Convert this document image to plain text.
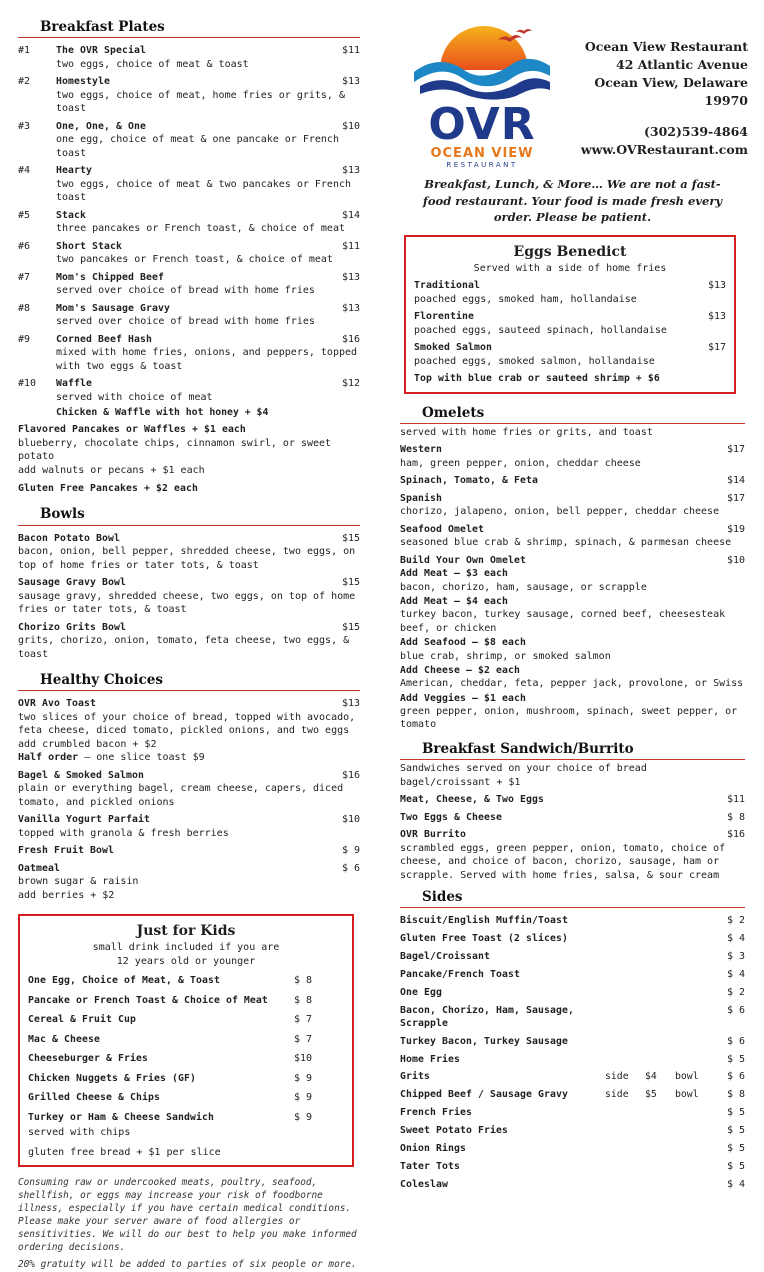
Breakfast Plates
#1	The OVR Special	$11
two eggs, choice of meat & toast
#2	Homestyle	$13
two eggs, choice of meat, home fries or grits, & toast
#3	One, One, & One	$10
one egg, choice of meat & one pancake or French toast
#4	Hearty	$13
two eggs, choice of meat & two pancakes or French toast
#5	Stack	$14
three pancakes or French toast, & choice of meat
#6	Short Stack	$11
two pancakes or French toast, & choice of meat
#7	Mom's Chipped Beef	$13
served over choice of bread with home fries
#8	Mom's Sausage Gravy	$13
served over choice of bread with home fries
#9	Corned Beef Hash	$16
mixed with home fries, onions, and peppers, topped with two eggs & toast
#10	Waffle	$12
served with choice of meat
Chicken & Waffle with hot honey + $4
Flavored Pancakes or Waffles + $1 each
blueberry, chocolate chips, cinnamon swirl, or sweet potato
add walnuts or pecans + $1 each
Gluten Free Pancakes + $2 each
Bowls
Bacon Potato Bowl	$15
bacon, onion, bell pepper, shredded cheese, two eggs, on top of home fries or tater tots, & toast
Sausage Gravy Bowl	$15
sausage gravy, shredded cheese, two eggs, on top of home fries or tater tots, & toast
Chorizo Grits Bowl	$15
grits, chorizo, onion, tomato, feta cheese, two eggs, & toast
Healthy Choices
OVR Avo Toast	$13
two slices of your choice of bread, topped with avocado, feta cheese, diced tomato, pickled onions, and two eggs
add crumbled bacon + $2
Half order – one slice toast $9
Bagel & Smoked Salmon	$16
plain or everything bagel, cream cheese, capers, diced tomato, and pickled onions
Vanilla Yogurt Parfait	$10
topped with granola & fresh berries
Fresh Fruit Bowl	$ 9
Oatmeal	$ 6
brown sugar & raisin
add berries + $2
Just for Kids
small drink included if you are
12 years old or younger
One Egg, Choice of Meat, & Toast	$ 8
Pancake or French Toast & Choice of Meat	$ 8
Cereal & Fruit Cup	$ 7
Mac & Cheese	$ 7
Cheeseburger & Fries	$10
Chicken Nuggets & Fries (GF)	$ 9
Grilled Cheese & Chips	$ 9
Turkey or Ham & Cheese Sandwich	$ 9
served with chips
gluten free bread + $1 per slice
Consuming raw or undercooked meats, poultry, seafood, shellfish, or eggs may increase your risk of foodborne illness, especially if you have certain medical conditions. Please make your server aware of food allergies or sensitivities. We will do our best to help you make informed ordering decisions.
20% gratuity will be added to parties of six people or more.
OVR
OCEAN VIEW
RESTAURANT
Ocean View Restaurant
42 Atlantic Avenue
Ocean View, Delaware 19970
(302)539-4864
www.OVRestaurant.com
Breakfast, Lunch, & More… We are not a fast-food restaurant. Your food is made fresh every order. Please be patient.
Eggs Benedict
Served with a side of home fries
Traditional	$13
poached eggs, smoked ham, hollandaise
Florentine	$13
poached eggs, sauteed spinach, hollandaise
Smoked Salmon	$17
poached eggs, smoked salmon, hollandaise
Top with blue crab or sauteed shrimp + $6
Omelets
served with home fries or grits, and toast
Western	$17
ham, green pepper, onion, cheddar cheese
Spinach, Tomato, & Feta	$14
Spanish	$17
chorizo, jalapeno, onion, bell pepper, cheddar cheese
Seafood Omelet	$19
seasoned blue crab & shrimp, spinach, & parmesan cheese
Build Your Own Omelet	$10
Add Meat – $3 each
bacon, chorizo, ham, sausage, or scrapple
Add Meat – $4 each
turkey bacon, turkey sausage, corned beef, cheesesteak beef, or chicken
Add Seafood – $8 each
blue crab, shrimp, or smoked salmon
Add Cheese – $2 each
American, cheddar, feta, pepper jack, provolone, or Swiss
Add Veggies – $1 each
green pepper, onion, mushroom, spinach, sweet pepper, or tomato
Breakfast Sandwich/Burrito
Sandwiches served on your choice of bread
bagel/croissant + $1
Meat, Cheese, & Two Eggs	$11
Two Eggs & Cheese	$ 8
OVR Burrito	$16
scrambled eggs, green pepper, onion, tomato, choice of cheese, and choice of bacon, chorizo, sausage, ham or scrapple. Served with home fries, salsa, & sour cream
Sides
Biscuit/English Muffin/Toast	$ 2
Gluten Free Toast (2 slices)	$ 4
Bagel/Croissant	$ 3
Pancake/French Toast	$ 4
One Egg	$ 2
Bacon, Chorizo, Ham, Sausage, Scrapple
$ 6
Turkey Bacon, Turkey Sausage	$ 6
Home Fries	$ 5
Grits	side	$4	bowl	$ 6
Chipped Beef / Sausage Gravy	side	$5	bowl	$ 8
French Fries	$ 5
Sweet Potato Fries	$ 5
Onion Rings	$ 5
Tater Tots	$ 5
Coleslaw	$ 4
